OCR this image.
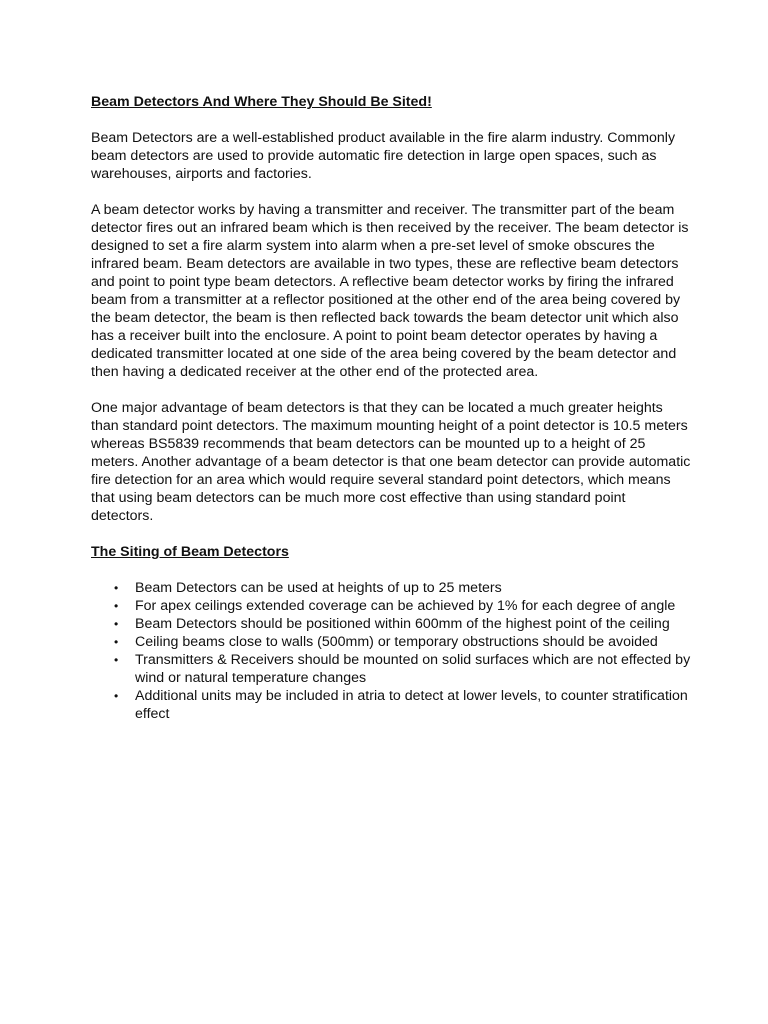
Beam Detectors And Where They Should Be Sited!

Beam Detectors are a well-established product available in the fire alarm industry. Commonly beam detectors are used to provide automatic fire detection in large open spaces, such as warehouses, airports and factories.

A beam detector works by having a transmitter and receiver. The transmitter part of the beam detector fires out an infrared beam which is then received by the receiver. The beam detector is designed to set a fire alarm system into alarm when a pre-set level of smoke obscures the infrared beam. Beam detectors are available in two types, these are reflective beam detectors and point to point type beam detectors. A reflective beam detector works by firing the infrared beam from a transmitter at a reflector positioned at the other end of the area being covered by the beam detector, the beam is then reflected back towards the beam detector unit which also has a receiver built into the enclosure. A point to point beam detector operates by having a dedicated transmitter located at one side of the area being covered by the beam detector and then having a dedicated receiver at the other end of the protected area.

One major advantage of beam detectors is that they can be located a much greater heights than standard point detectors. The maximum mounting height of a point detector is 10.5 meters whereas BS5839 recommends that beam detectors can be mounted up to a height of 25 meters. Another advantage of a beam detector is that one beam detector can provide automatic fire detection for an area which would require several standard point detectors, which means that using beam detectors can be much more cost effective than using standard point detectors.

The Siting of Beam Detectors

• Beam Detectors can be used at heights of up to 25 meters
• For apex ceilings extended coverage can be achieved by 1% for each degree of angle
• Beam Detectors should be positioned within 600mm of the highest point of the ceiling
• Ceiling beams close to walls (500mm) or temporary obstructions should be avoided
• Transmitters & Receivers should be mounted on solid surfaces which are not effected by wind or natural temperature changes
• Additional units may be included in atria to detect at lower levels, to counter stratification effect
